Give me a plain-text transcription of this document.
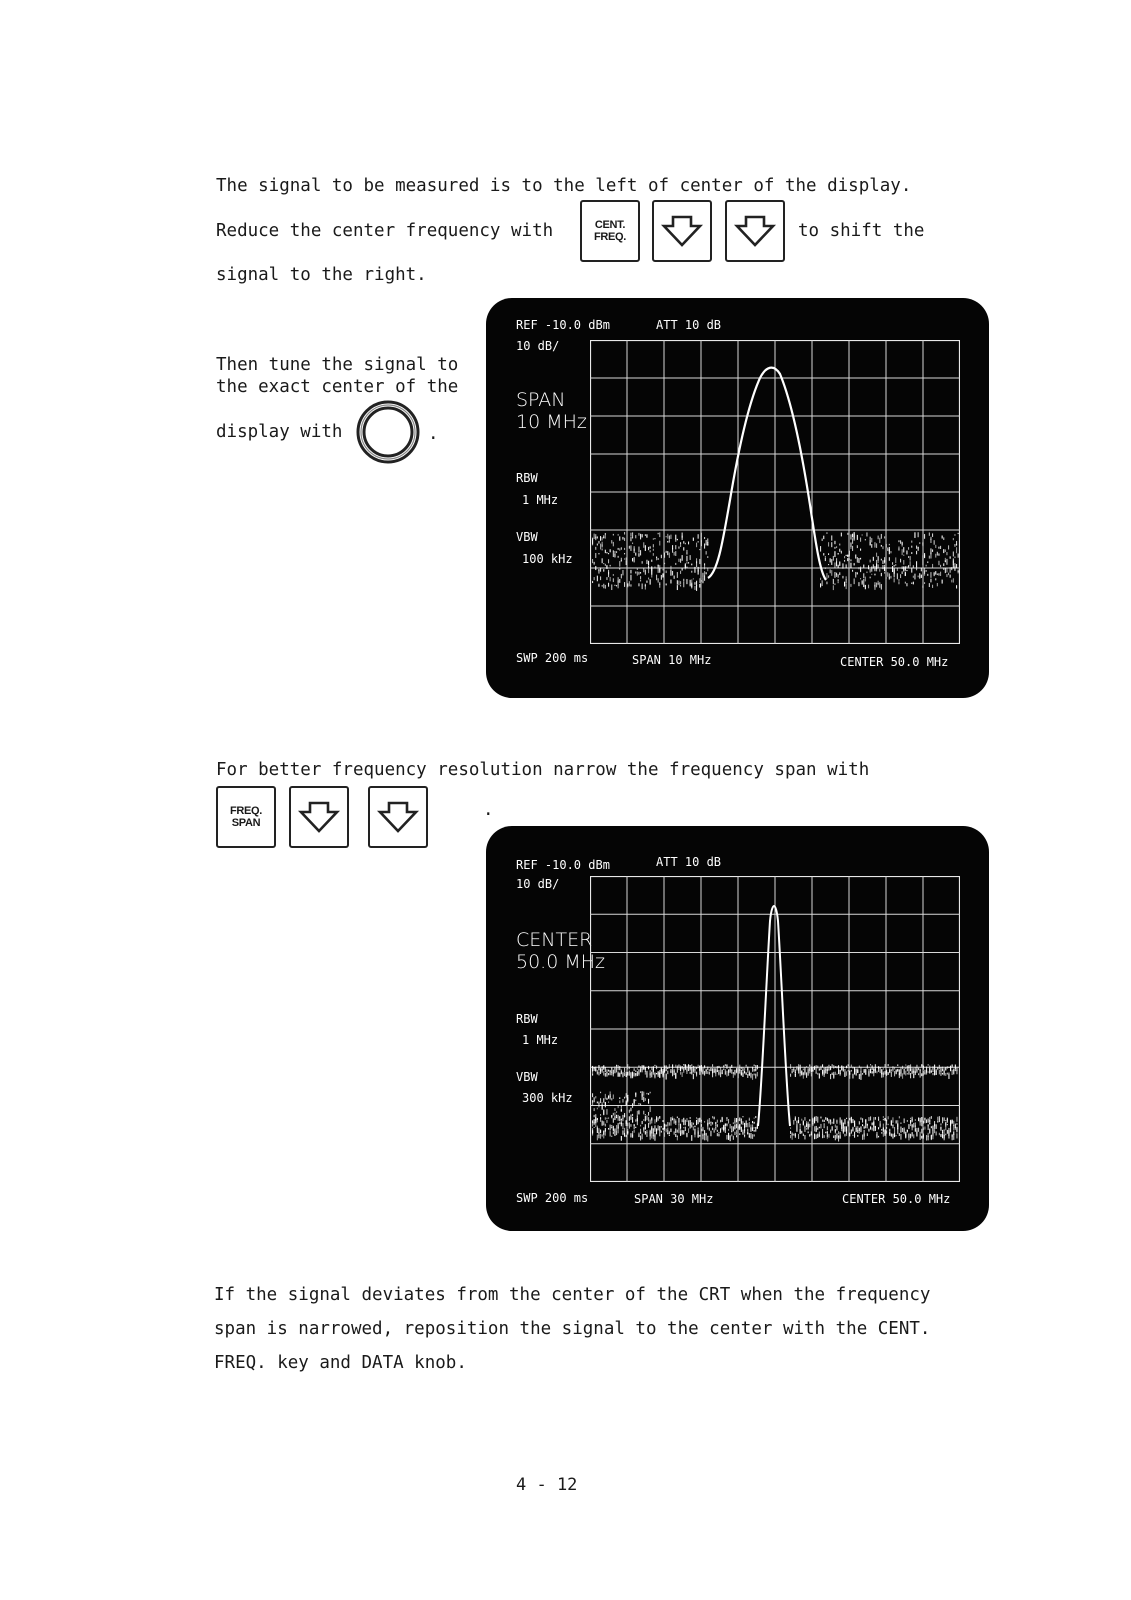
The signal to be measured is to the left of center of the display.
Reduce the center frequency with	CENT.
FREQ.	to shift the
signal to the right.
Then tune the signal to
the exact center of the
display with	.
REF -10.0 dBm	ATT 10 dB
10 dB/
SPAN
10 MHz
RBW
1 MHz
VBW
100 kHz
SWP 200 ms	SPAN 10 MHz	CENTER 50.0 MHz
For better frequency resolution narrow the frequency span with
FREQ.
SPAN
.
REF -10.0 dBm	ATT 10 dB
10 dB/
CENTER
50.0 MHz
RBW
1 MHz
VBW
300 kHz
SWP 200 ms	SPAN 30 MHz	CENTER 50.0 MHz
If the signal deviates from the center of the CRT when the frequency
span is narrowed, reposition the signal to the center with the CENT.
FREQ. key and DATA knob.
4 - 12
